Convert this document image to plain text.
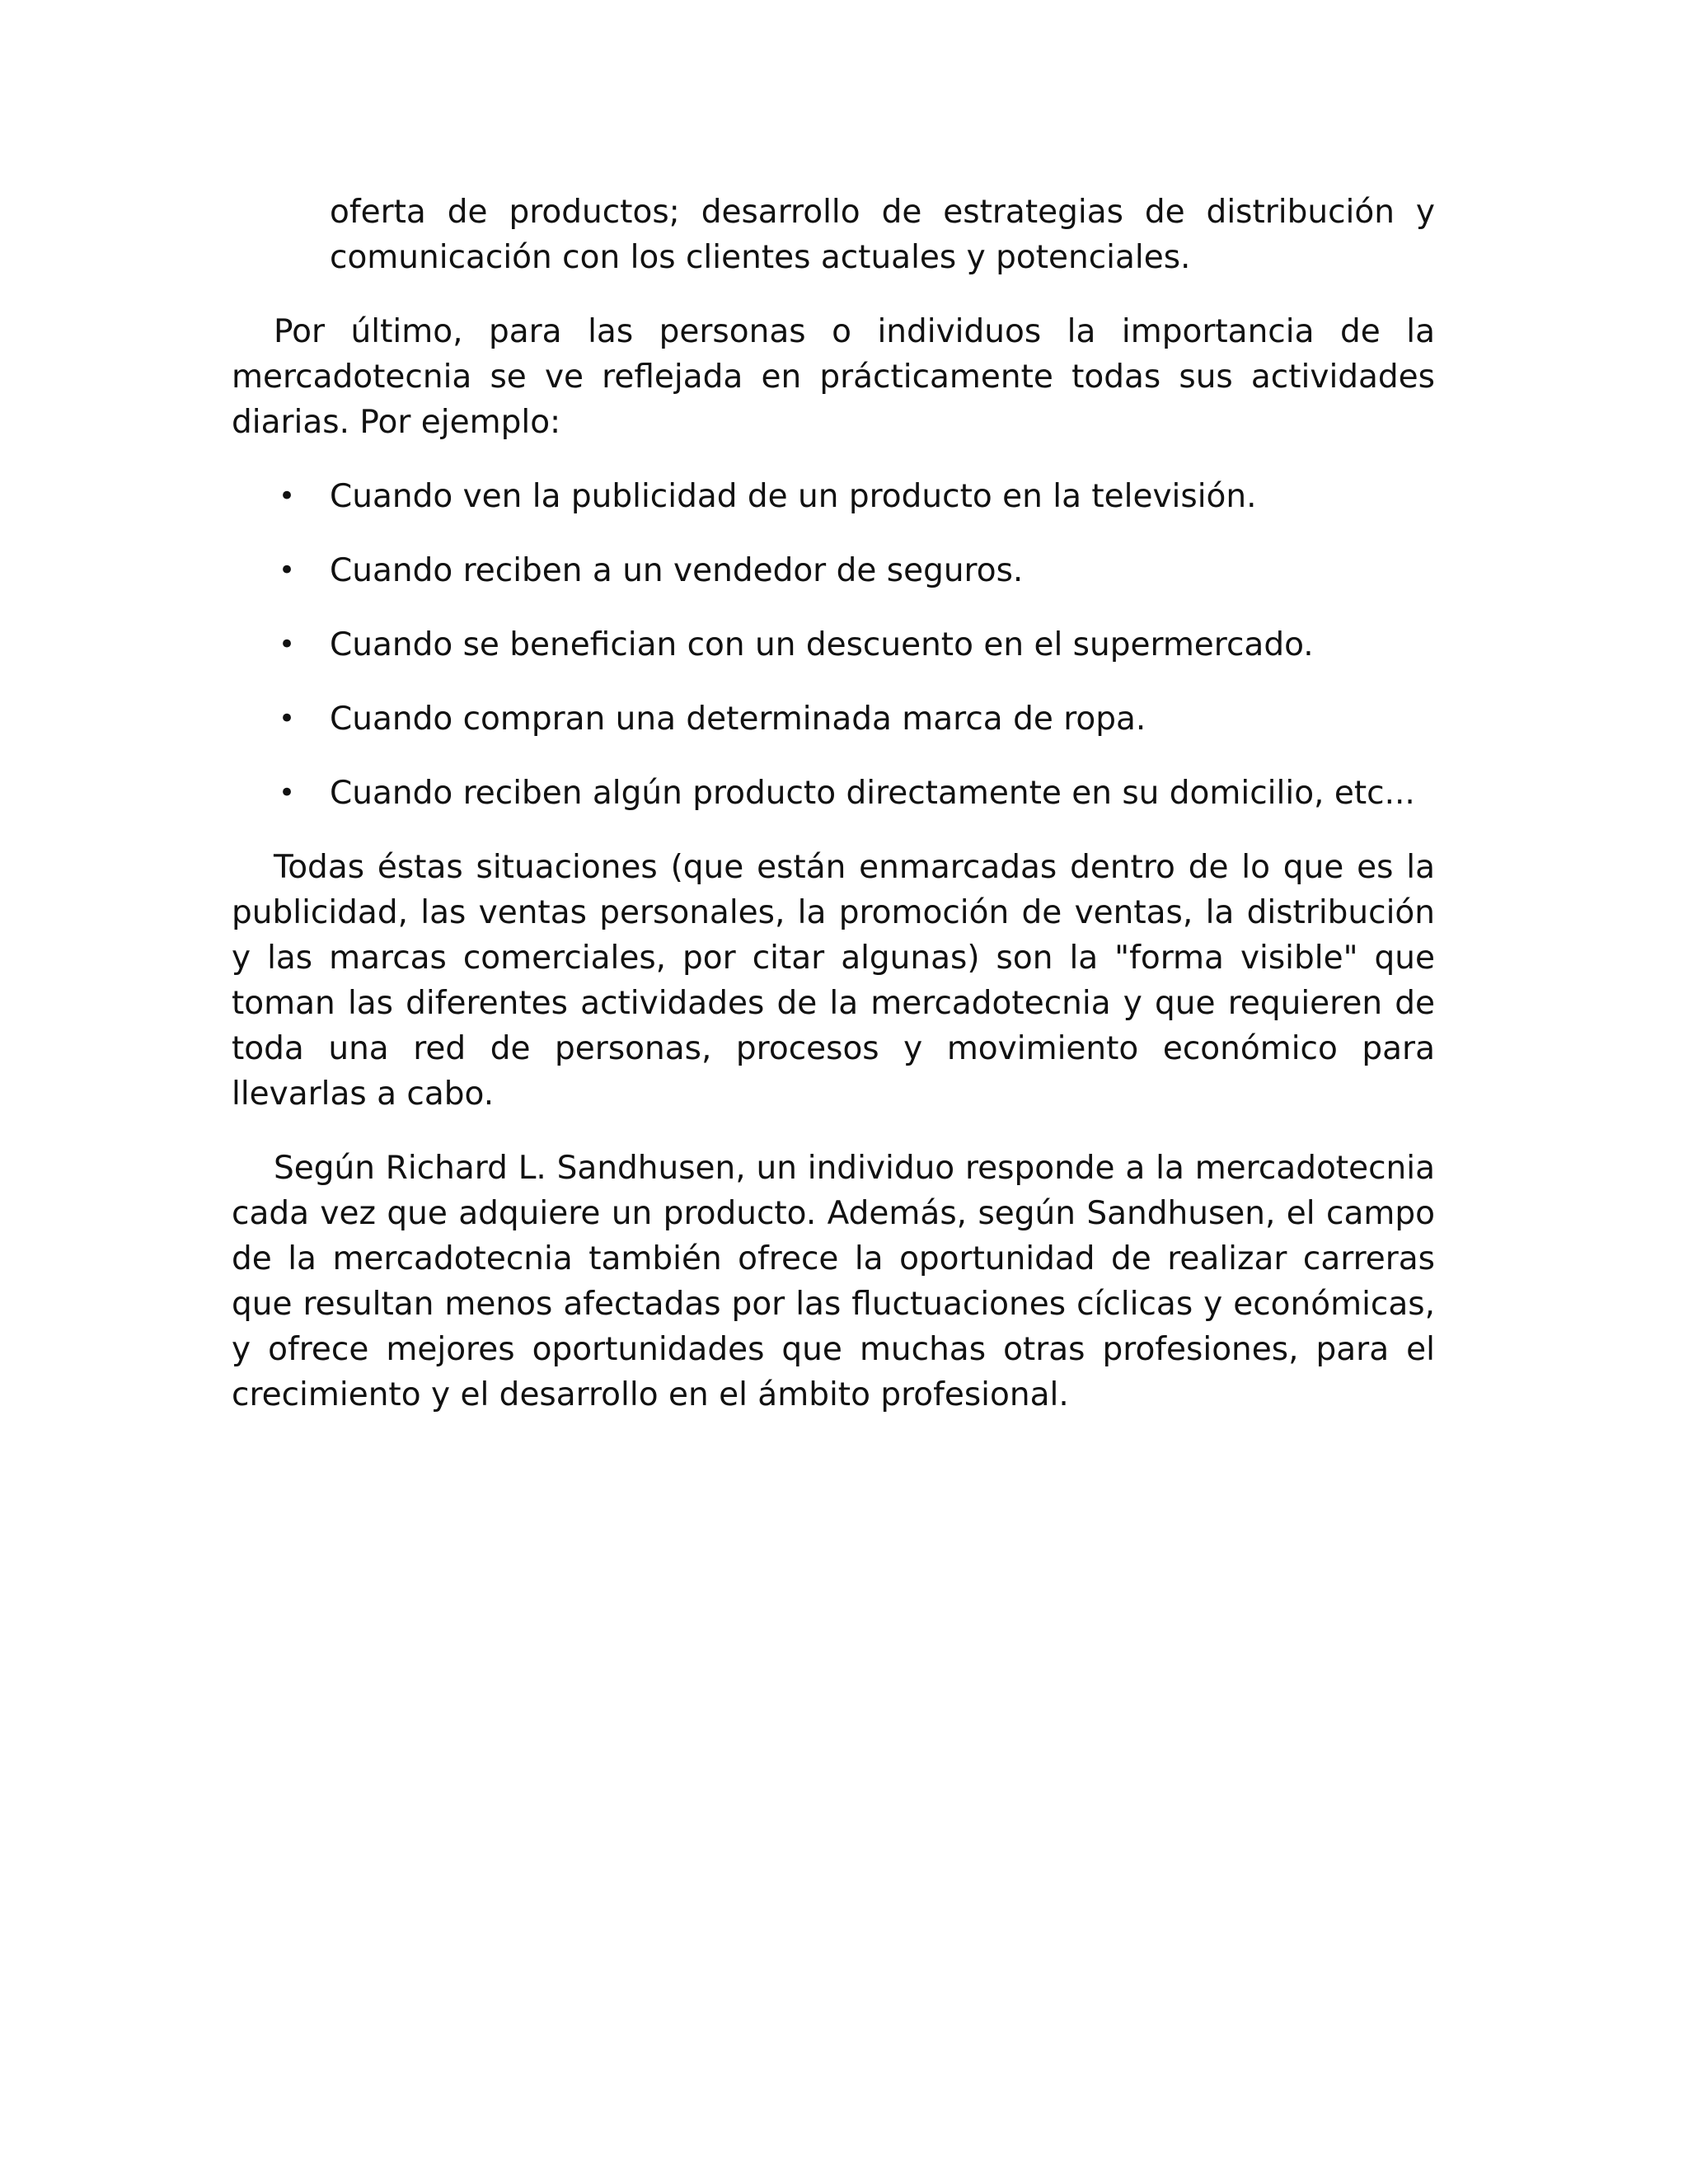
oferta de productos; desarrollo de estrategias de distribución y comunicación con los clientes actuales y potenciales.

Por último, para las personas o individuos la importancia de la mercadotecnia se ve reflejada en prácticamente todas sus actividades diarias. Por ejemplo:

• Cuando ven la publicidad de un producto en la televisión.
• Cuando reciben a un vendedor de seguros.
• Cuando se benefician con un descuento en el supermercado.
• Cuando compran una determinada marca de ropa.
• Cuando reciben algún producto directamente en su domicilio, etc...

Todas éstas situaciones (que están enmarcadas dentro de lo que es la publicidad, las ventas personales, la promoción de ventas, la distribución y las marcas comerciales, por citar algunas) son la "forma visible" que toman las diferentes actividades de la mercadotecnia y que requieren de toda una red de personas, procesos y movimiento económico para llevarlas a cabo.

Según Richard L. Sandhusen, un individuo responde a la mercadotecnia cada vez que adquiere un producto. Además, según Sandhusen, el campo de la mercadotecnia también ofrece la oportunidad de realizar carreras que resultan menos afectadas por las fluctuaciones cíclicas y económicas, y ofrece mejores oportunidades que muchas otras profesiones, para el crecimiento y el desarrollo en el ámbito profesional.
